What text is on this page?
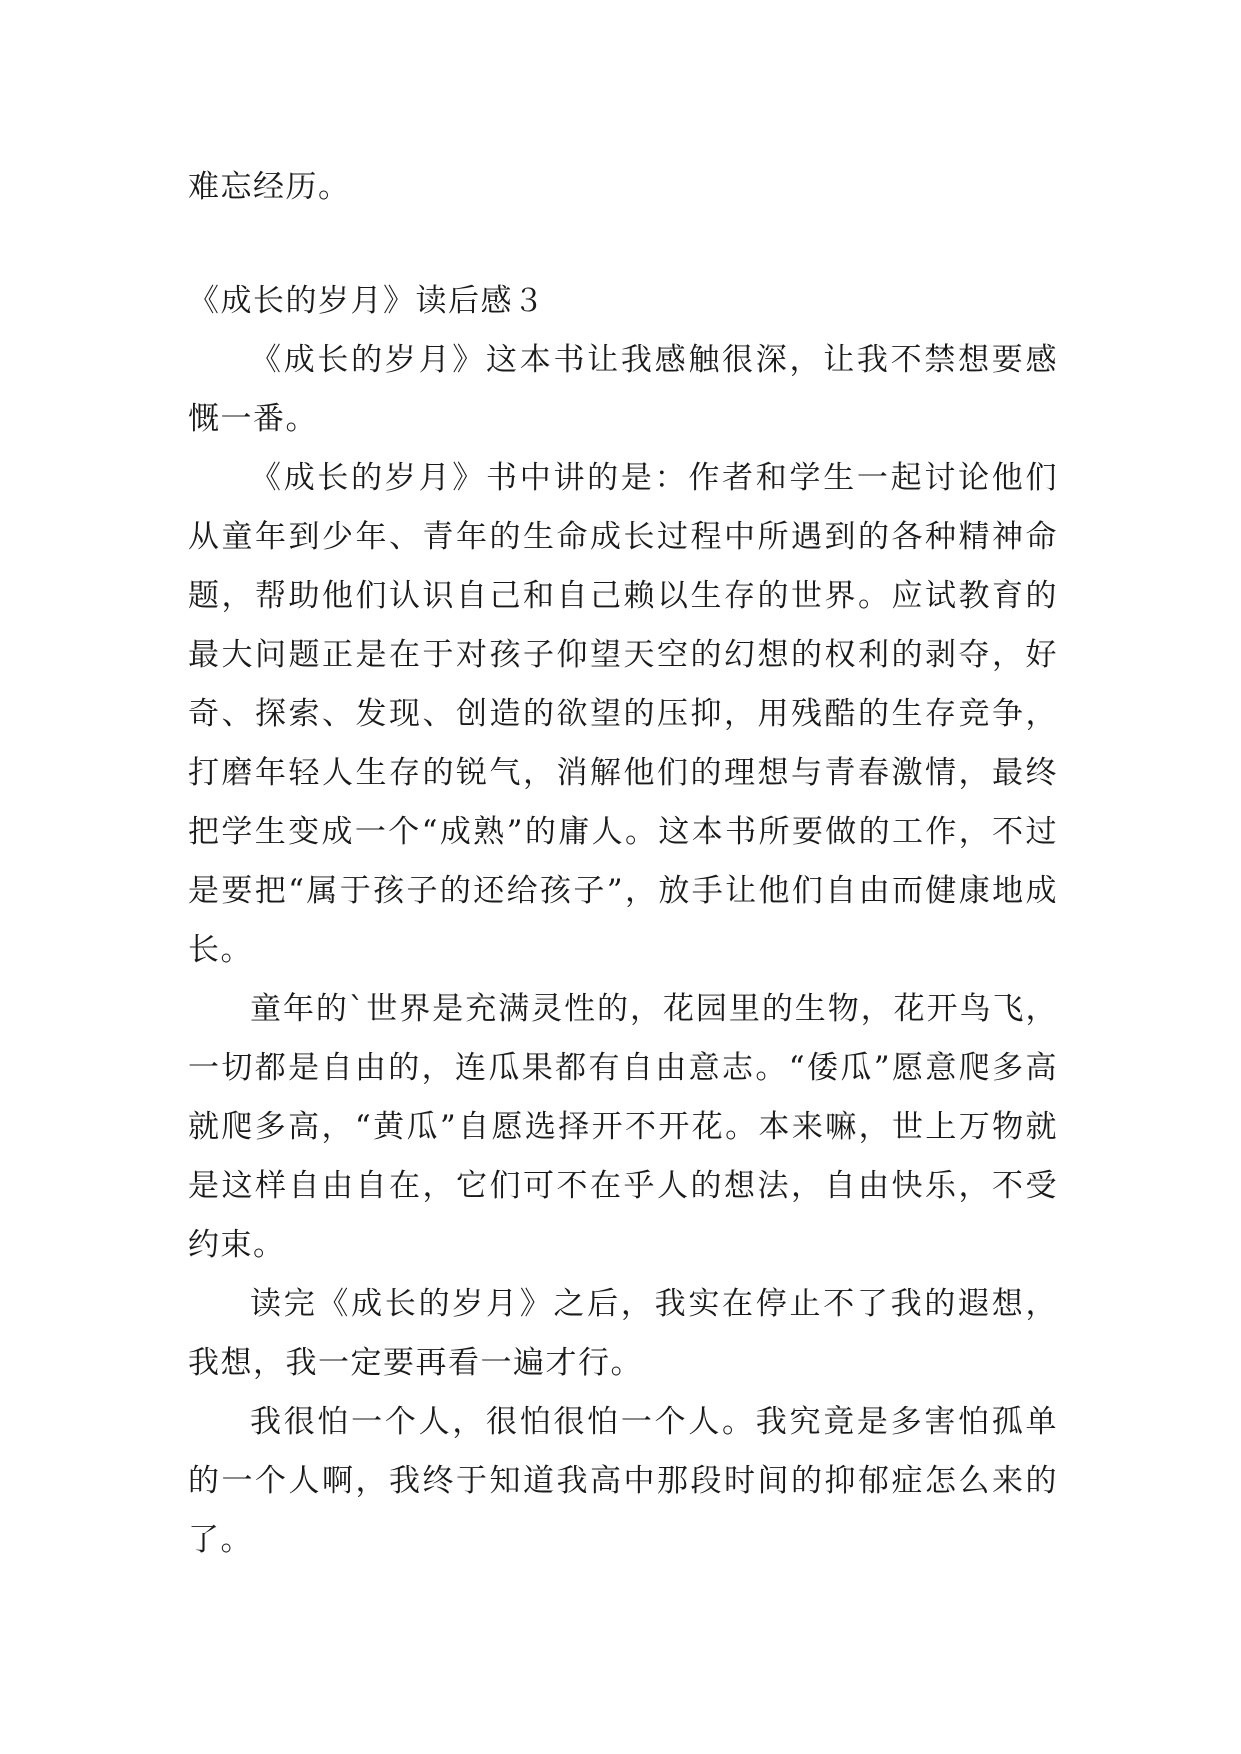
难忘经历。

《成长的岁月》读后感３

《成长的岁月》这本书让我感触很深，让我不禁想要感慨一番。

《成长的岁月》书中讲的是：作者和学生一起讨论他们从童年到少年、青年的生命成长过程中所遇到的各种精神命题，帮助他们认识自己和自己赖以生存的世界。应试教育的最大问题正是在于对孩子仰望天空的幻想的权利的剥夺，好奇、探索、发现、创造的欲望的压抑，用残酷的生存竞争，打磨年轻人生存的锐气，消解他们的理想与青春激情，最终把学生变成一个“成熟”的庸人。这本书所要做的工作，不过是要把“属于孩子的还给孩子”，放手让他们自由而健康地成长。

童年的`世界是充满灵性的，花园里的生物，花开鸟飞，一切都是自由的，连瓜果都有自由意志。“倭瓜”愿意爬多高就爬多高，“黄瓜”自愿选择开不开花。本来嘛，世上万物就是这样自由自在，它们可不在乎人的想法，自由快乐，不受约束。

读完《成长的岁月》之后，我实在停止不了我的遐想，我想，我一定要再看一遍才行。

我很怕一个人，很怕很怕一个人。我究竟是多害怕孤单的一个人啊，我终于知道我高中那段时间的抑郁症怎么来的了。
